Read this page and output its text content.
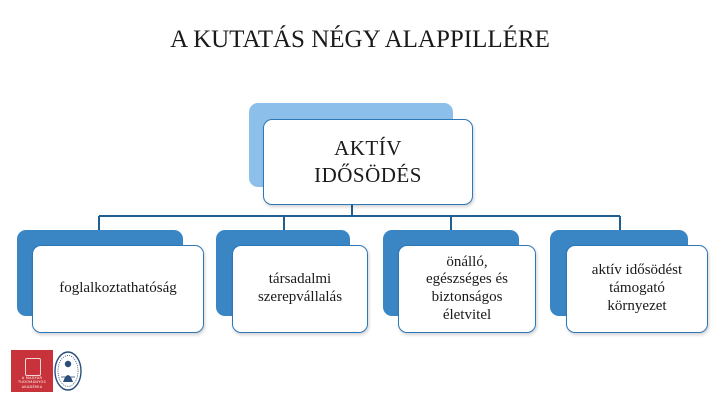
A KUTATÁS NÉGY ALAPPILLÉRE
AKTÍV
IDŐSÖDÉS
foglalkoztathatóság
társadalmi
szerepvállalás
önálló,
egészséges és
biztonságos
életvitel
aktív idősödést
támogató
környezet
A MAGYAR
TUDOMÁNYOS
AKADÉMIA
